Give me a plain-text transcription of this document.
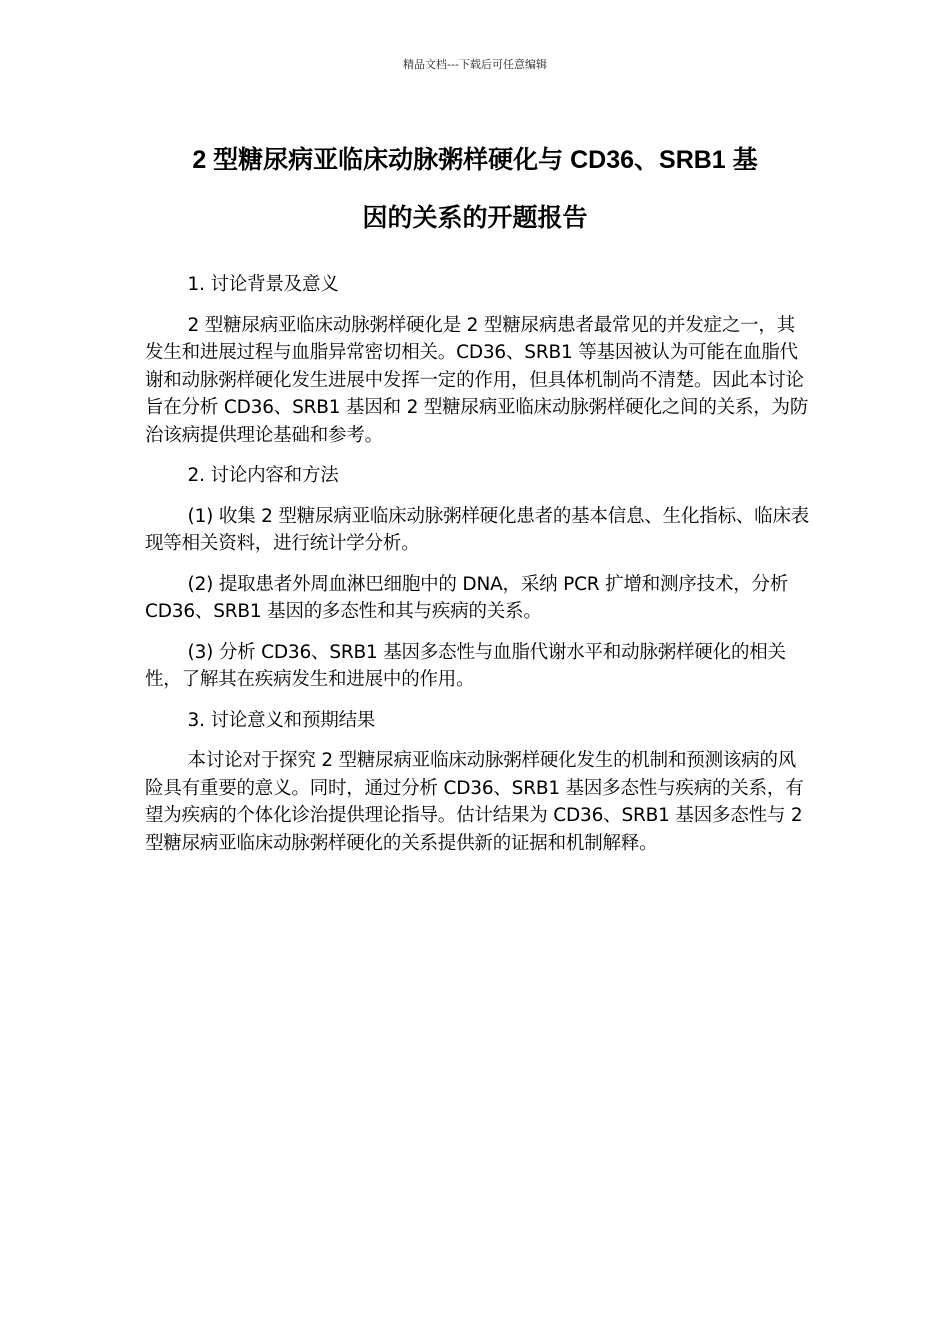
精品文档---下载后可任意编辑
2 型糖尿病亚临床动脉粥样硬化与 CD36、SRB1 基
因的关系的开题报告

1. 讨论背景及意义

2 型糖尿病亚临床动脉粥样硬化是 2 型糖尿病患者最常见的并发症之一，其发生和进展过程与血脂异常密切相关。CD36、SRB1 等基因被认为可能在血脂代谢和动脉粥样硬化发生进展中发挥一定的作用，但具体机制尚不清楚。因此本讨论旨在分析 CD36、SRB1 基因和 2 型糖尿病亚临床动脉粥样硬化之间的关系，为防治该病提供理论基础和参考。

2. 讨论内容和方法

(1) 收集 2 型糖尿病亚临床动脉粥样硬化患者的基本信息、生化指标、临床表现等相关资料，进行统计学分析。

(2) 提取患者外周血淋巴细胞中的 DNA，采纳 PCR 扩增和测序技术，分析 CD36、SRB1 基因的多态性和其与疾病的关系。

(3) 分析 CD36、SRB1 基因多态性与血脂代谢水平和动脉粥样硬化的相关性，了解其在疾病发生和进展中的作用。

3. 讨论意义和预期结果

本讨论对于探究 2 型糖尿病亚临床动脉粥样硬化发生的机制和预测该病的风险具有重要的意义。同时，通过分析 CD36、SRB1 基因多态性与疾病的关系，有望为疾病的个体化诊治提供理论指导。估计结果为 CD36、SRB1 基因多态性与 2 型糖尿病亚临床动脉粥样硬化的关系提供新的证据和机制解释。
